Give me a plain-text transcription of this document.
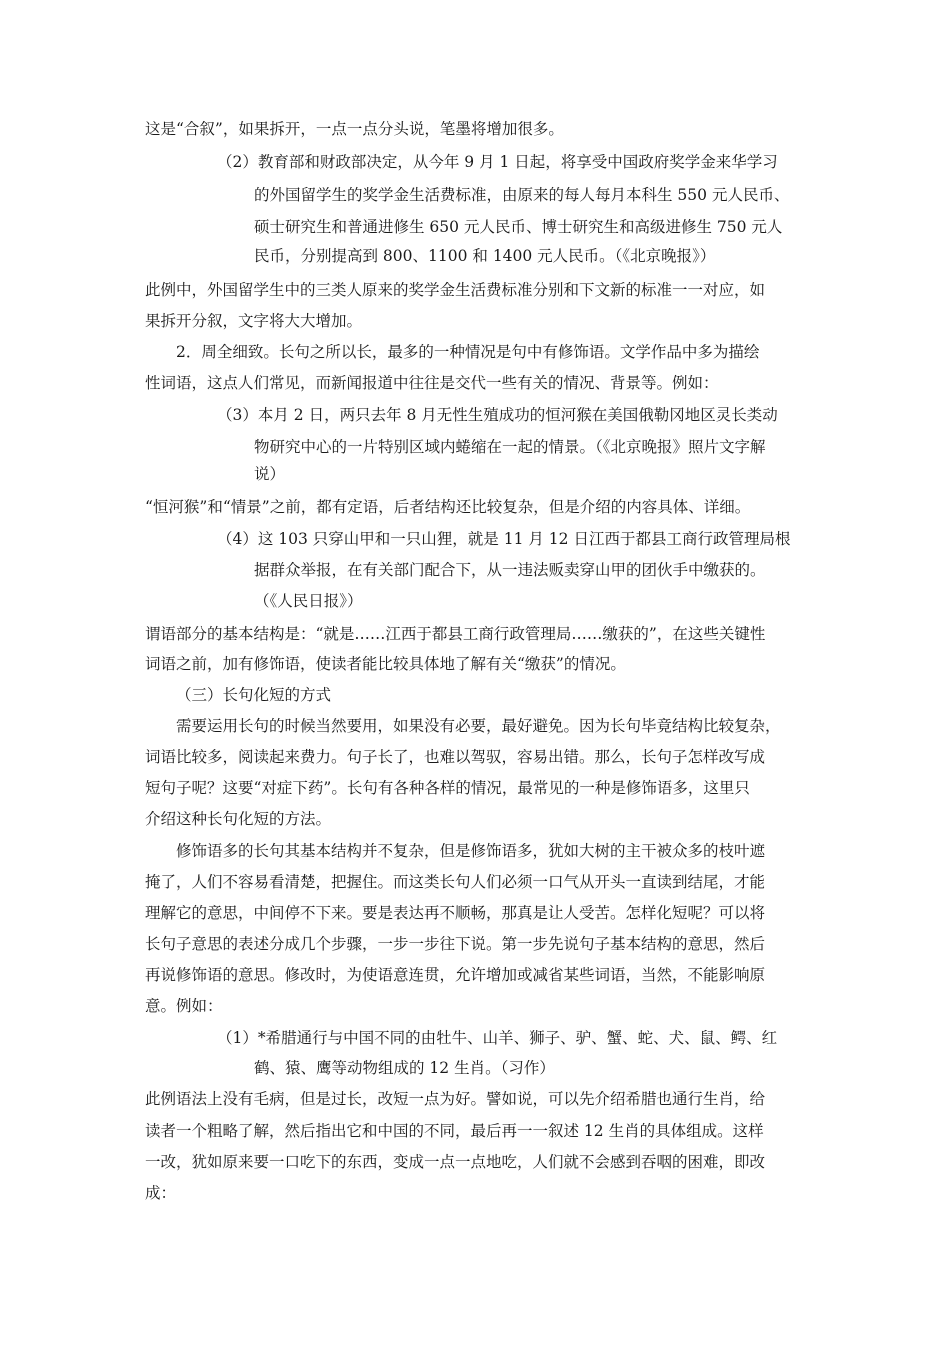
这是“合叙”，如果拆开，一点一点分头说，笔墨将增加很多。
（2）教育部和财政部决定，从今年 9 月 1 日起，将享受中国政府奖学金来华学习
的外国留学生的奖学金生活费标准，由原来的每人每月本科生 550 元人民币、
硕士研究生和普通进修生 650 元人民币、博士研究生和高级进修生 750 元人
民币，分别提高到 800、1100 和 1400 元人民币。（《北京晚报》）
此例中，外国留学生中的三类人原来的奖学金生活费标准分别和下文新的标准一一对应，如
果拆开分叙，文字将大大增加。
2．周全细致。长句之所以长，最多的一种情况是句中有修饰语。文学作品中多为描绘
性词语，这点人们常见，而新闻报道中往往是交代一些有关的情况、背景等。例如：
（3）本月 2 日，两只去年 8 月无性生殖成功的恒河猴在美国俄勒冈地区灵长类动
物研究中心的一片特别区域内蜷缩在一起的情景。（《北京晚报》照片文字解
说）
“恒河猴”和“情景”之前，都有定语，后者结构还比较复杂，但是介绍的内容具体、详细。
（4）这 103 只穿山甲和一只山狸，就是 11 月 12 日江西于都县工商行政管理局根
据群众举报，在有关部门配合下，从一违法贩卖穿山甲的团伙手中缴获的。
（《人民日报》）
谓语部分的基本结构是：“就是……江西于都县工商行政管理局……缴获的”，在这些关键性
词语之前，加有修饰语，使读者能比较具体地了解有关“缴获”的情况。
（三）长句化短的方式
需要运用长句的时候当然要用，如果没有必要，最好避免。因为长句毕竟结构比较复杂，
词语比较多，阅读起来费力。句子长了，也难以驾驭，容易出错。那么，长句子怎样改写成
短句子呢？这要“对症下药”。长句有各种各样的情况，最常见的一种是修饰语多，这里只
介绍这种长句化短的方法。
修饰语多的长句其基本结构并不复杂，但是修饰语多，犹如大树的主干被众多的枝叶遮
掩了，人们不容易看清楚，把握住。而这类长句人们必须一口气从开头一直读到结尾，才能
理解它的意思，中间停不下来。要是表达再不顺畅，那真是让人受苦。怎样化短呢？可以将
长句子意思的表述分成几个步骤，一步一步往下说。第一步先说句子基本结构的意思，然后
再说修饰语的意思。修改时，为使语意连贯，允许增加或减省某些词语，当然，不能影响原
意。例如：
（1）*希腊通行与中国不同的由牡牛、山羊、狮子、驴、蟹、蛇、犬、鼠、鳄、红
鹤、猿、鹰等动物组成的 12 生肖。（习作）
此例语法上没有毛病，但是过长，改短一点为好。譬如说，可以先介绍希腊也通行生肖，给
读者一个粗略了解，然后指出它和中国的不同，最后再一一叙述 12 生肖的具体组成。这样
一改，犹如原来要一口吃下的东西，变成一点一点地吃，人们就不会感到吞咽的困难，即改
成：
